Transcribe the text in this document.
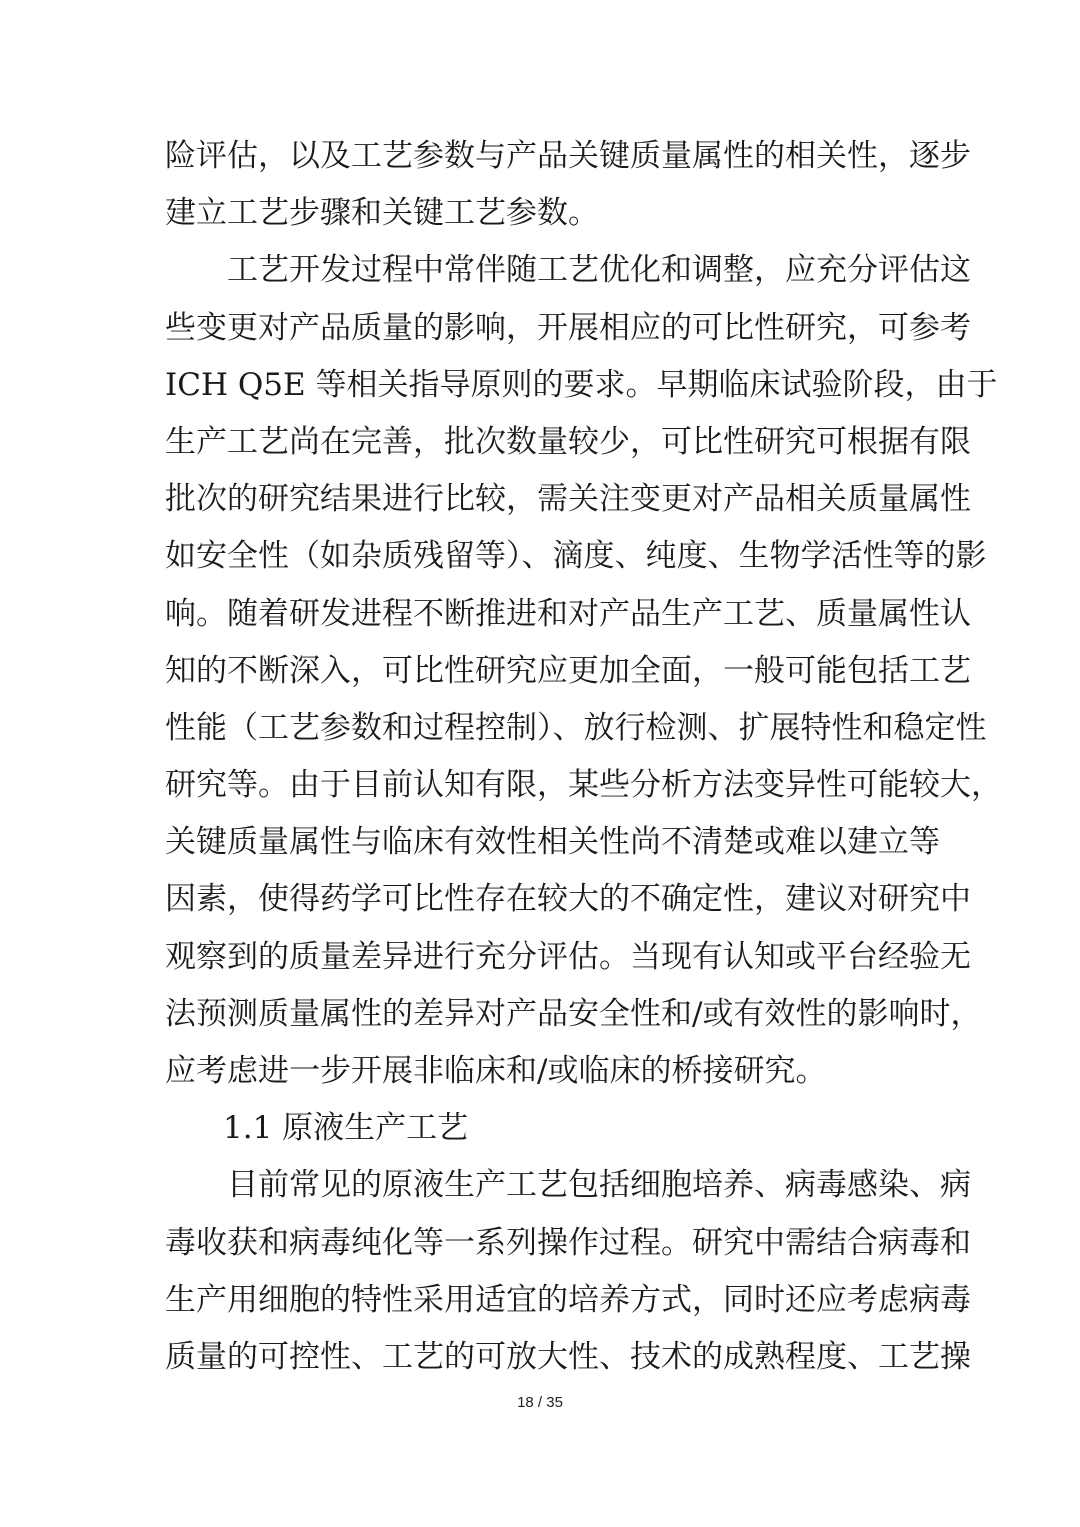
险评估，以及工艺参数与产品关键质量属性的相关性，逐步
建立工艺步骤和关键工艺参数。
工艺开发过程中常伴随工艺优化和调整，应充分评估这
些变更对产品质量的影响，开展相应的可比性研究，可参考
ICH Q5E 等相关指导原则的要求。早期临床试验阶段，由于
生产工艺尚在完善，批次数量较少，可比性研究可根据有限
批次的研究结果进行比较，需关注变更对产品相关质量属性
如安全性（如杂质残留等）、滴度、纯度、生物学活性等的影
响。随着研发进程不断推进和对产品生产工艺、质量属性认
知的不断深入，可比性研究应更加全面，一般可能包括工艺
性能（工艺参数和过程控制）、放行检测、扩展特性和稳定性
研究等。由于目前认知有限，某些分析方法变异性可能较大，
关键质量属性与临床有效性相关性尚不清楚或难以建立等
因素，使得药学可比性存在较大的不确定性，建议对研究中
观察到的质量差异进行充分评估。当现有认知或平台经验无
法预测质量属性的差异对产品安全性和/或有效性的影响时，
应考虑进一步开展非临床和/或临床的桥接研究。
1.1 原液生产工艺
目前常见的原液生产工艺包括细胞培养、病毒感染、病
毒收获和病毒纯化等一系列操作过程。研究中需结合病毒和
生产用细胞的特性采用适宜的培养方式，同时还应考虑病毒
质量的可控性、工艺的可放大性、技术的成熟程度、工艺操
18 / 35
